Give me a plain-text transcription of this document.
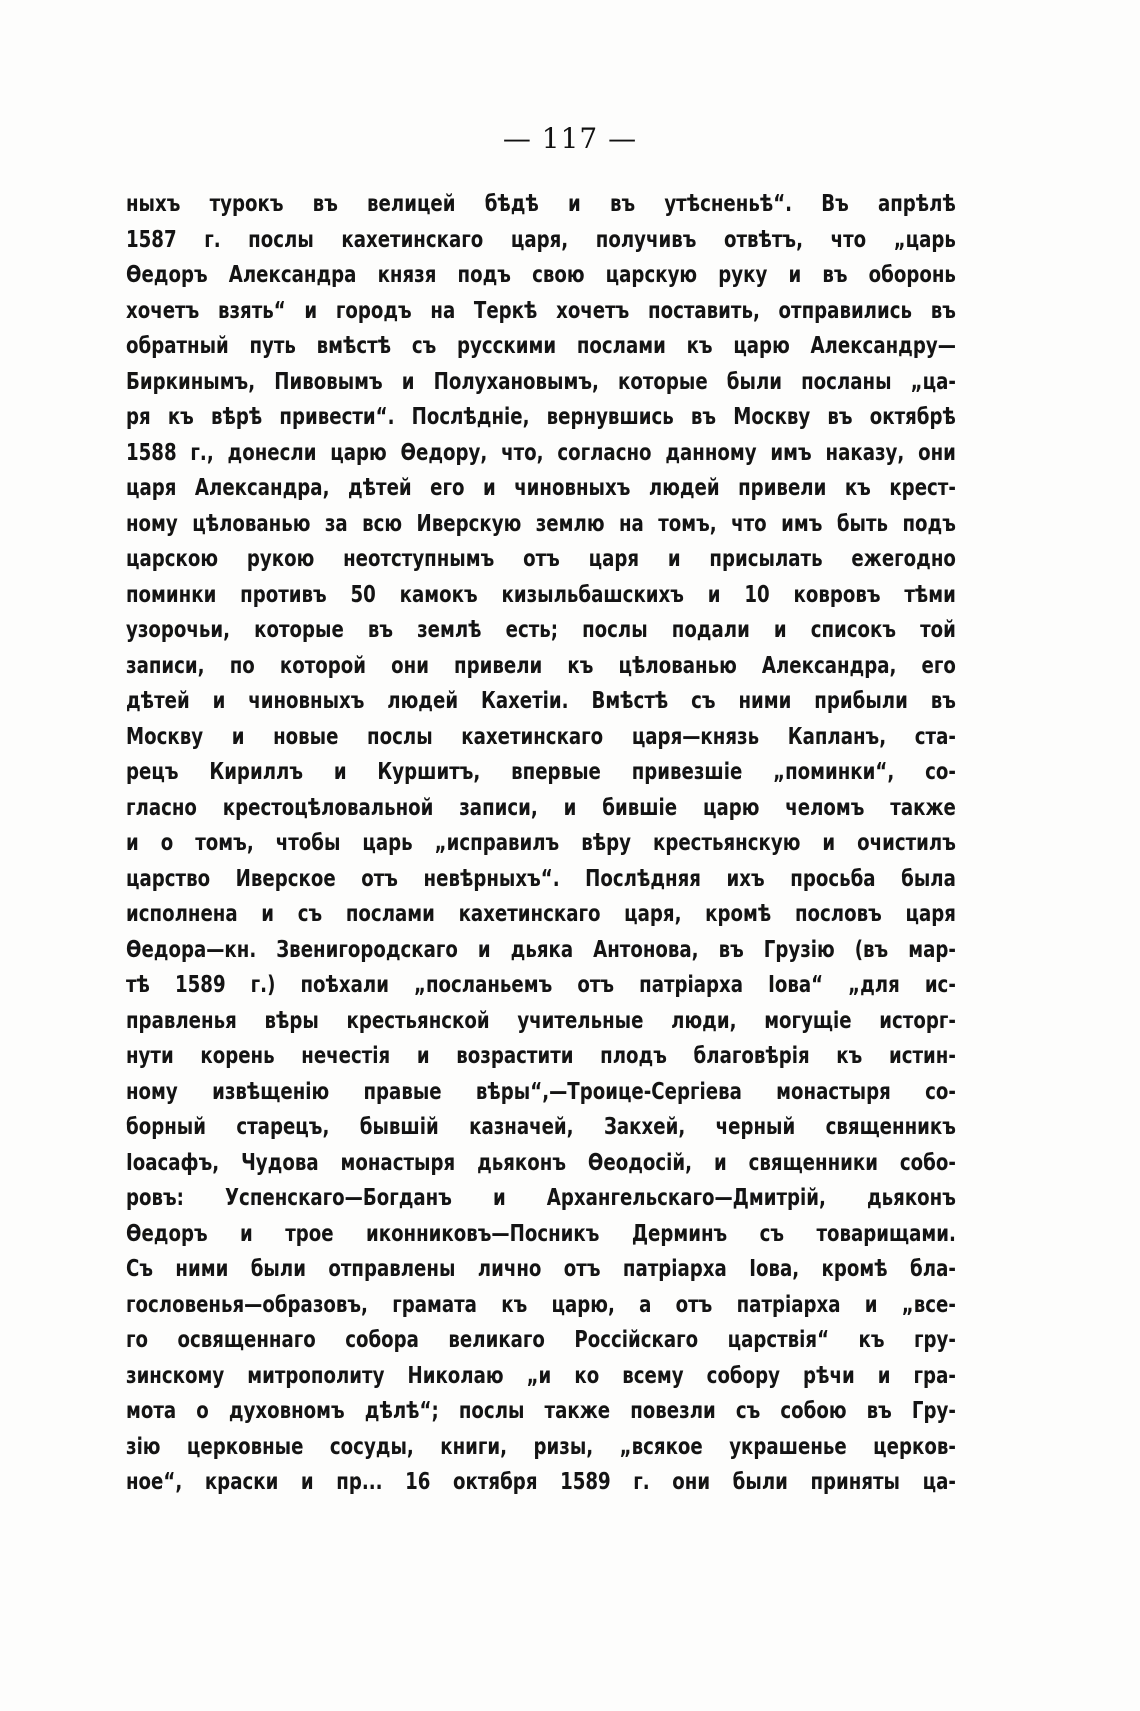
— 117 —
ныхъ турокъ въ велицей бѣдѣ и въ утѣсненьѣ“. Въ апрѣлѣ
1587 г. послы кахетинскаго царя, получивъ отвѣтъ, что „царь
Ѳедоръ Александра князя подъ свою царскую руку и въ оборонь
хочетъ взять“ и городъ на Теркѣ хочетъ поставить, отправились въ
обратный путь вмѣстѣ съ русскими послами къ царю Александру—
Биркинымъ, Пивовымъ и Полухановымъ, которые были посланы „ца-
ря къ вѣрѣ привести“. Послѣдніе, вернувшись въ Москву въ октябрѣ
1588 г., донесли царю Ѳедору, что, согласно данному имъ наказу, они
царя Александра, дѣтей его и чиновныхъ людей привели къ крест-
ному цѣлованью за всю Иверскую землю на томъ, что имъ быть подъ
царскою рукою неотступнымъ отъ царя и присылать ежегодно
поминки противъ 50 камокъ кизыльбашскихъ и 10 ковровъ тѣми
узорочьи, которые въ землѣ есть; послы подали и списокъ той
записи, по которой они привели къ цѣлованью Александра, его
дѣтей и чиновныхъ людей Кахетіи. Вмѣстѣ съ ними прибыли въ
Москву и новые послы кахетинскаго царя—князь Капланъ, ста-
рецъ Кириллъ и Куршитъ, впервые привезшіе „поминки“, со-
гласно крестоцѣловальной записи, и бившіе царю челомъ также
и о томъ, чтобы царь „исправилъ вѣру крестьянскую и очистилъ
царство Иверское отъ невѣрныхъ“. Послѣдняя ихъ просьба была
исполнена и съ послами кахетинскаго царя, кромѣ пословъ царя
Ѳедора—кн. Звенигородскаго и дьяка Антонова, въ Грузію (въ мар-
тѣ 1589 г.) поѣхали „посланьемъ отъ патріарха Іова“ „для ис-
правленья вѣры крестьянской учительные люди, могущіе исторг-
нути корень нечестія и возрастити плодъ благовѣрія къ истин-
ному извѣщенію правые вѣры“,—Троице-Сергіева монастыря со-
борный старецъ, бывшій казначей, Закхей, черный священникъ
Іоасафъ, Чудова монастыря дьяконъ Ѳеодосій, и священники собо-
ровъ: Успенскаго—Богданъ и Архангельскаго—Дмитрій, дьяконъ
Ѳедоръ и трое иконниковъ—Посникъ Дерминъ съ товарищами.
Съ ними были отправлены лично отъ патріарха Іова, кромѣ бла-
гословенья—образовъ, грамата къ царю, а отъ патріарха и „все-
го освященнаго собора великаго Россійскаго царствія“ къ гру-
зинскому митрополиту Николаю „и ко всему собору рѣчи и гра-
мота о духовномъ дѣлѣ“; послы также повезли съ собою въ Гру-
зію церковные сосуды, книги, ризы, „всякое украшенье церков-
ное“, краски и пр... 16 октября 1589 г. они были приняты ца-
